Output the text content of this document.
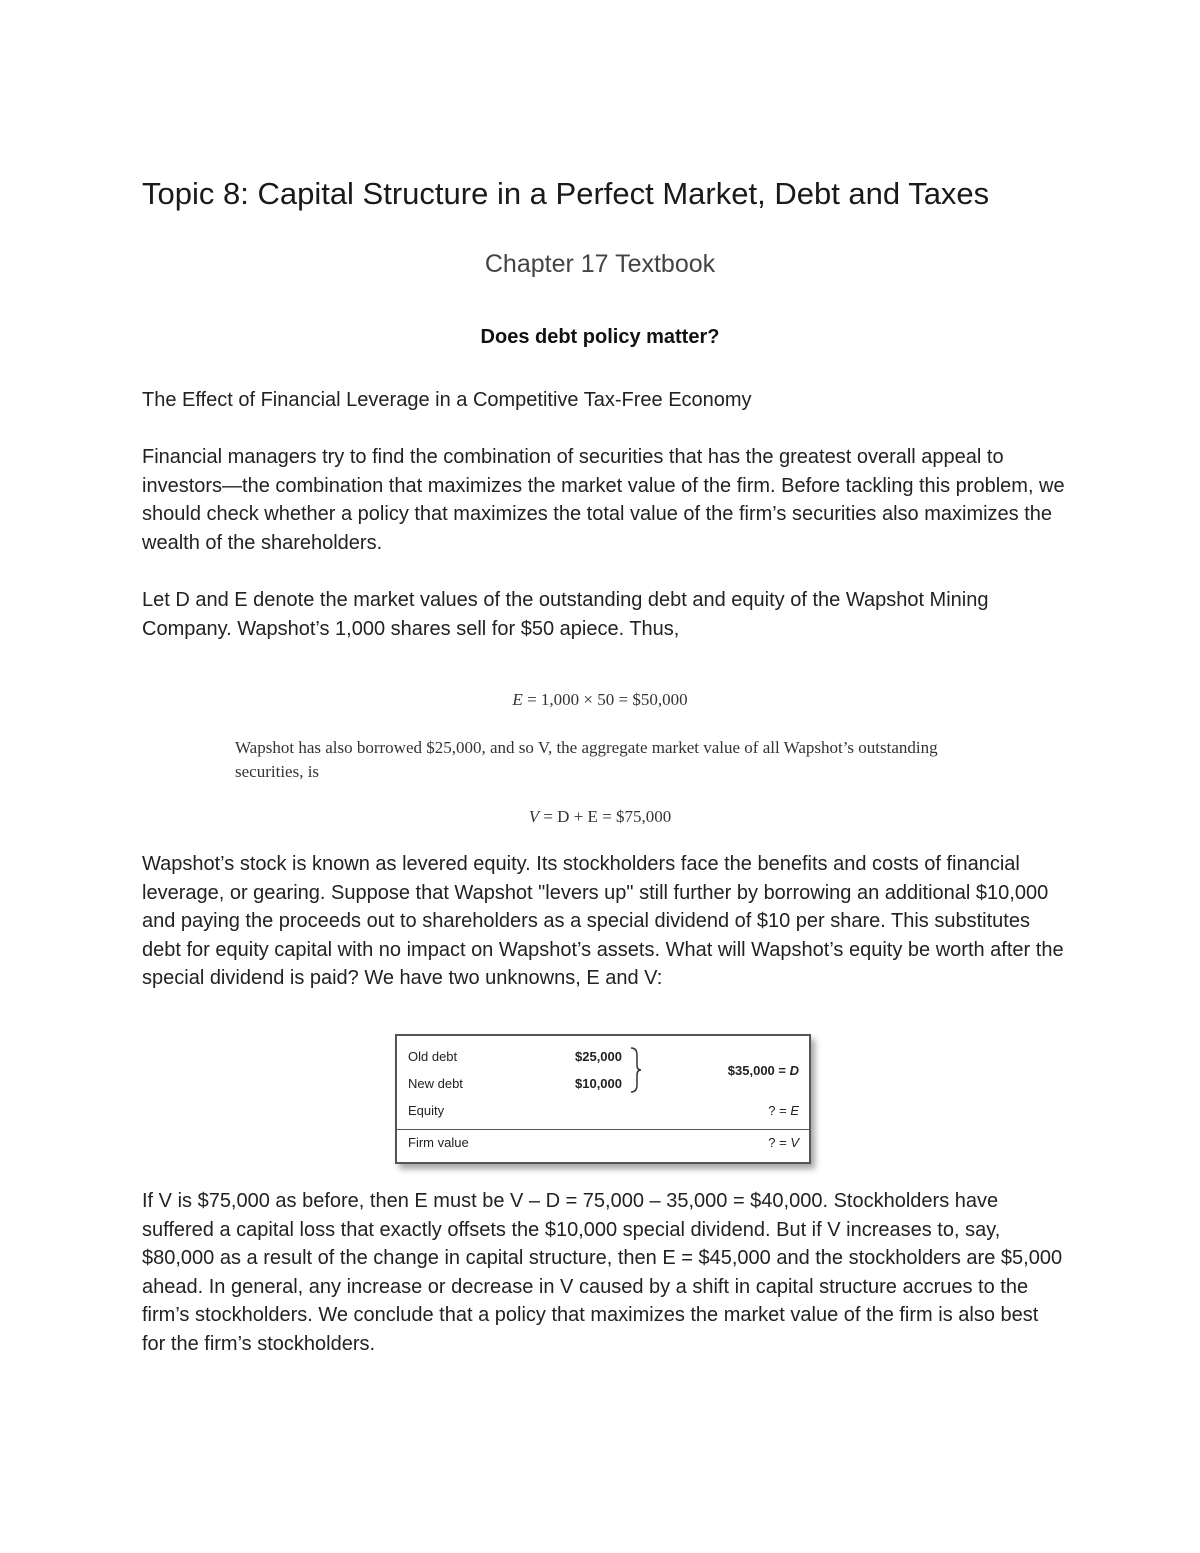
Topic 8: Capital Structure in a Perfect Market, Debt and Taxes
Chapter 17 Textbook
Does debt policy matter?

The Effect of Financial Leverage in a Competitive Tax-Free Economy

Financial managers try to find the combination of securities that has the greatest overall appeal to investors—the combination that maximizes the market value of the firm. Before tackling this problem, we should check whether a policy that maximizes the total value of the firm’s securities also maximizes the wealth of the shareholders.

Let D and E denote the market values of the outstanding debt and equity of the Wapshot Mining Company. Wapshot’s 1,000 shares sell for $50 apiece. Thus,

E = 1,000 × 50 = $50,000
Wapshot has also borrowed $25,000, and so V, the aggregate market value of all Wapshot’s outstanding securities, is
V = D + E = $75,000

Wapshot’s stock is known as levered equity. Its stockholders face the benefits and costs of financial leverage, or gearing. Suppose that Wapshot "levers up" still further by borrowing an additional $10,000 and paying the proceeds out to shareholders as a special dividend of $10 per share. This substitutes debt for equity capital with no impact on Wapshot’s assets. What will Wapshot’s equity be worth after the special dividend is paid? We have two unknowns, E and V:

Old debt	$25,000
New debt	$10,000
$35,000 = D
Equity	? = E
Firm value	? = V

If V is $75,000 as before, then E must be V – D = 75,000 – 35,000 = $40,000. Stockholders have suffered a capital loss that exactly offsets the $10,000 special dividend. But if V increases to, say, $80,000 as a result of the change in capital structure, then E = $45,000 and the stockholders are $5,000 ahead. In general, any increase or decrease in V caused by a shift in capital structure accrues to the firm’s stockholders. We conclude that a policy that maximizes the market value of the firm is also best for the firm’s stockholders.
